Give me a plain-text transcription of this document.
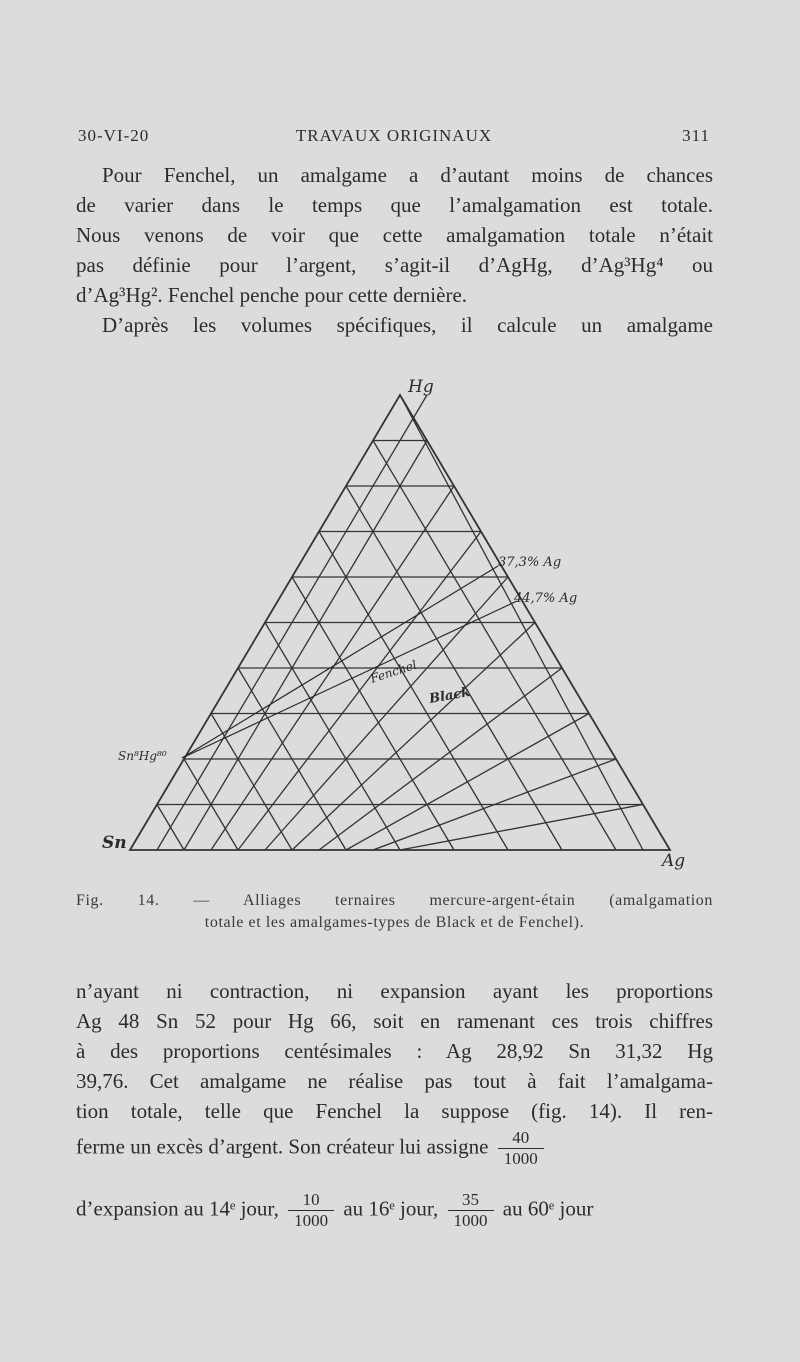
30-VI-20	TRAVAUX ORIGINAUX	311
Pour Fenchel, un amalgame a d’autant moins de chances
de varier dans le temps que l’amalgamation est totale.
Nous venons de voir que cette amalgamation totale n’était
pas définie pour l’argent, s’agit-il d’AgHg, d’Ag³Hg⁴ ou
d’Ag³Hg². Fenchel penche pour cette dernière.
D’après les volumes spécifiques, il calcule un amalgame
Hg
Sn
Ag
Sn⁸Hg⁸⁰
37,3% Ag
44,7% Ag
Fenchel
Black
Fig. 14. — Alliages ternaires mercure-argent-étain (amalgamation
totale et les amalgames-types de Black et de Fenchel).
n’ayant ni contraction, ni expansion ayant les proportions
Ag 48 Sn 52 pour Hg 66, soit en ramenant ces trois chiffres
à des proportions centésimales : Ag 28,92 Sn 31,32 Hg
39,76. Cet amalgame ne réalise pas tout à fait l’amalgama-
tion totale, telle que Fenchel la suppose (fig. 14). Il ren-
ferme un excès d’argent. Son créateur lui assigne $\frac{40}{1000}$
d’expansion au 14ᵉ jour, $\frac{10}{1000}$ au 16ᵉ jour, $\frac{35}{1000}$ au 60ᵉ jour
